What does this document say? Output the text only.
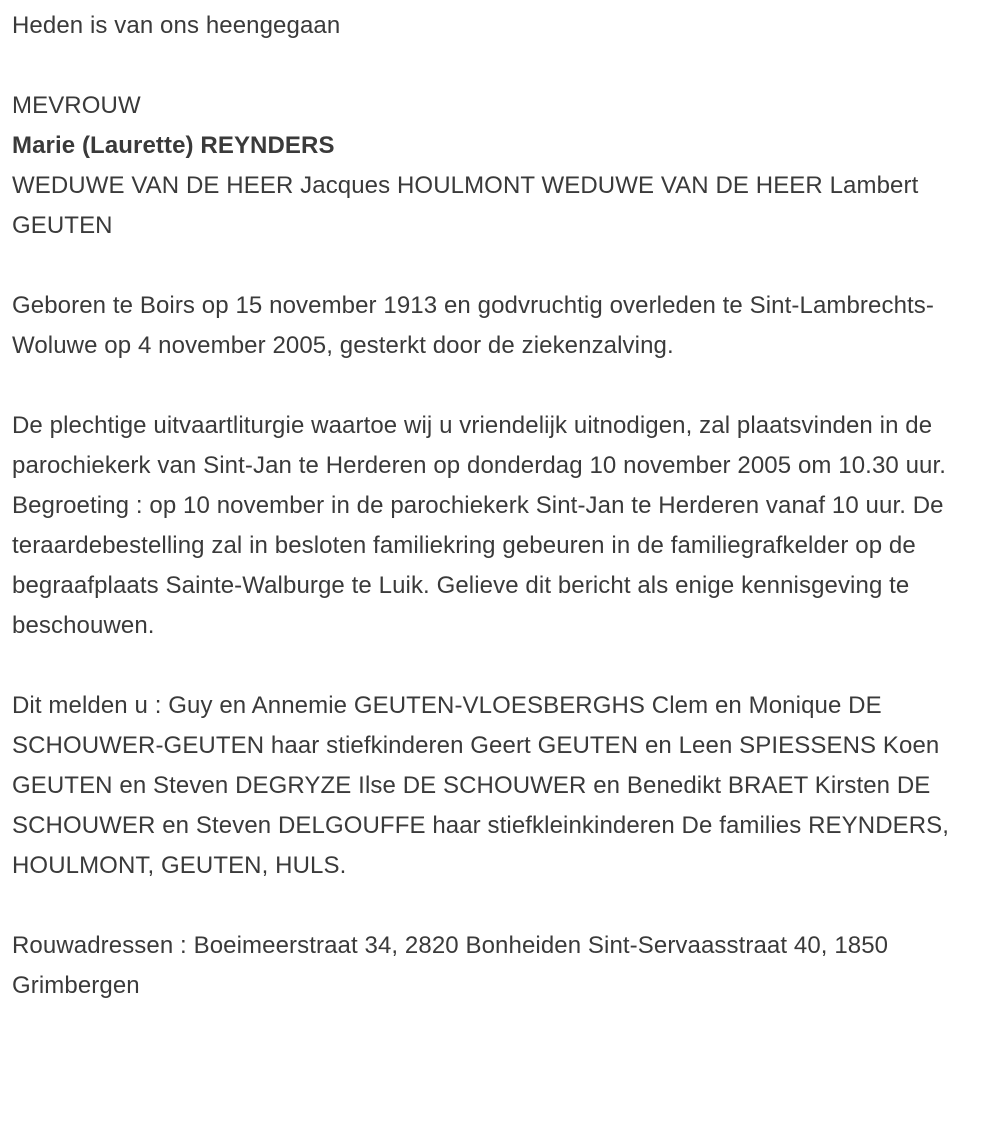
Heden is van ons heengegaan

MEVROUW
Marie (Laurette) REYNDERS
WEDUWE VAN DE HEER Jacques HOULMONT WEDUWE VAN DE HEER Lambert GEUTEN

Geboren te Boirs op 15 november 1913 en godvruchtig overleden te Sint-Lambrechts-Woluwe op 4 november 2005, gesterkt door de ziekenzalving.

De plechtige uitvaartliturgie waartoe wij u vriendelijk uitnodigen, zal plaatsvinden in de parochiekerk van Sint-Jan te Herderen op donderdag 10 november 2005 om 10.30 uur. Begroeting : op 10 november in de parochiekerk Sint-Jan te Herderen vanaf 10 uur. De teraardebestelling zal in besloten familiekring gebeuren in de familiegrafkelder op de begraafplaats Sainte-Walburge te Luik. Gelieve dit bericht als enige kennisgeving te beschouwen.

Dit melden u : Guy en Annemie GEUTEN-VLOESBERGHS Clem en Monique DE SCHOUWER-GEUTEN haar stiefkinderen Geert GEUTEN en Leen SPIESSENS Koen GEUTEN en Steven DEGRYZE Ilse DE SCHOUWER en Benedikt BRAET Kirsten DE SCHOUWER en Steven DELGOUFFE haar stiefkleinkinderen De families REYNDERS, HOULMONT, GEUTEN, HULS.

Rouwadressen : Boeimeerstraat 34, 2820 Bonheiden Sint-Servaasstraat 40, 1850 Grimbergen
